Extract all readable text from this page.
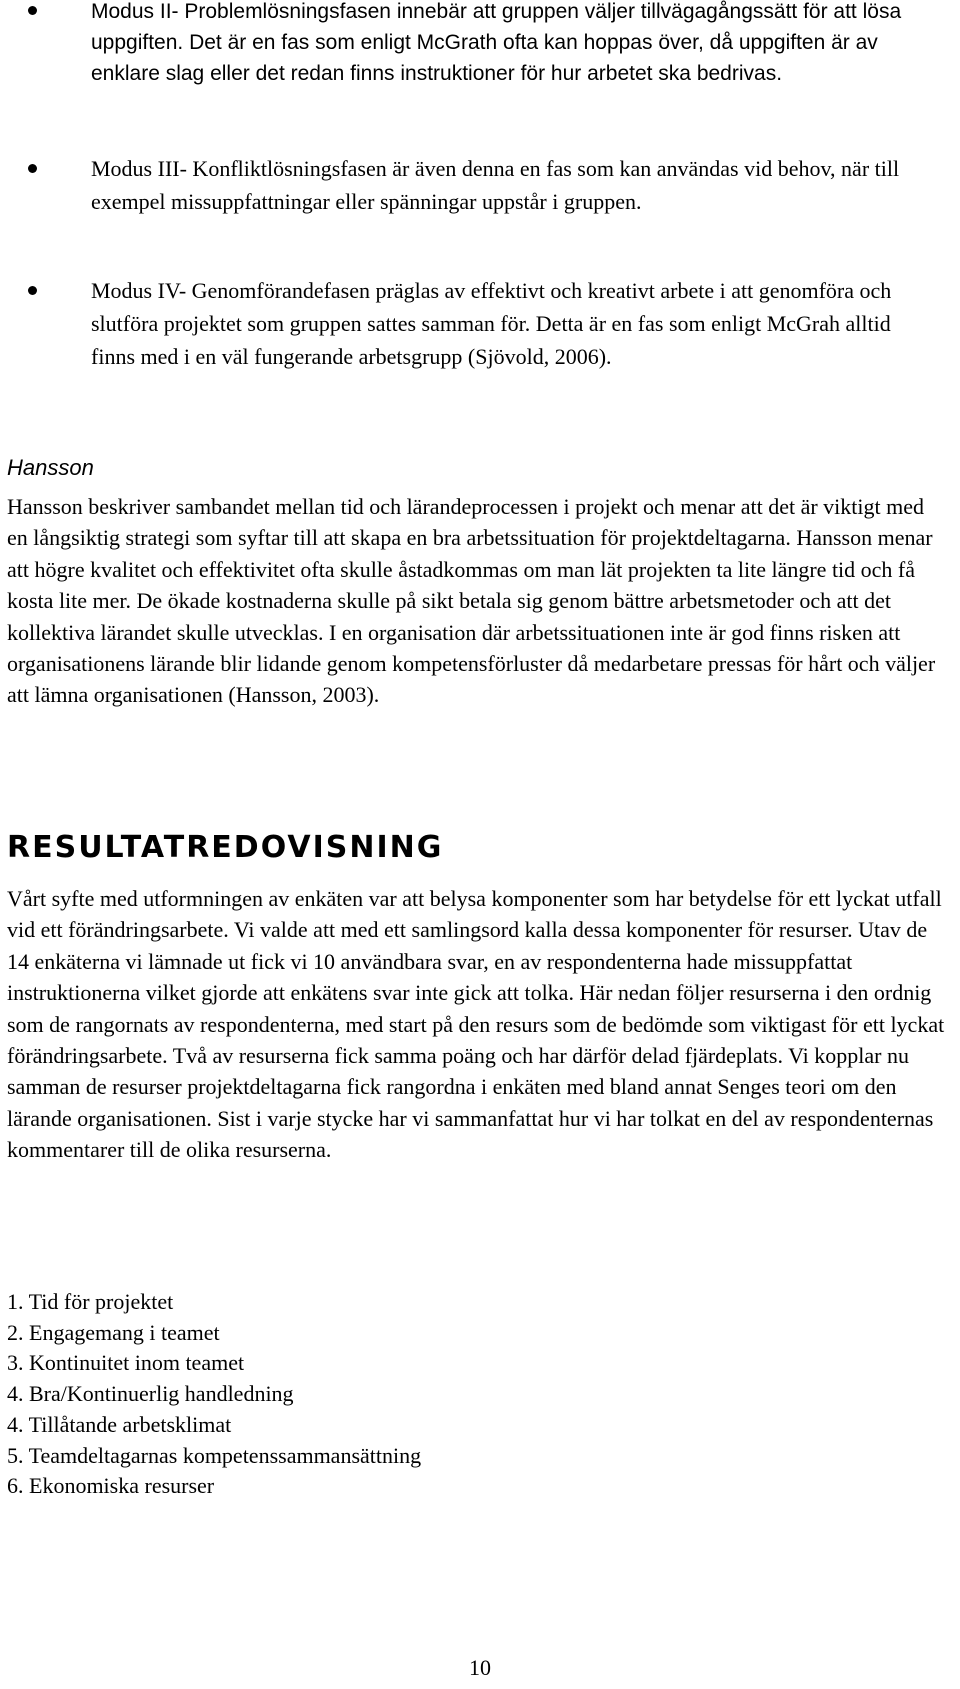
Modus II- Problemlösningsfasen innebär att gruppen väljer tillvägagångssätt för att lösa uppgiften. Det är en fas som enligt McGrath ofta kan hoppas över, då uppgiften är av enklare slag eller det redan finns instruktioner för hur arbetet ska bedrivas.
Modus III- Konfliktlösningsfasen är även denna en fas som kan användas vid behov, när till exempel missuppfattningar eller spänningar uppstår i gruppen.
Modus IV- Genomförandefasen präglas av effektivt och kreativt arbete i att genomföra och slutföra projektet som gruppen sattes samman för. Detta är en fas som enligt McGrah alltid finns med i en väl fungerande arbetsgrupp (Sjövold, 2006).
Hansson

Hansson beskriver sambandet mellan tid och lärandeprocessen i projekt och menar att det är viktigt med en långsiktig strategi som syftar till att skapa en bra arbetssituation för projektdeltagarna. Hansson menar att högre kvalitet och effektivitet ofta skulle åstadkommas om man lät projekten ta lite längre tid och få kosta lite mer. De ökade kostnaderna skulle på sikt betala sig genom bättre arbetsmetoder och att det kollektiva lärandet skulle utvecklas. I en organisation där arbetssituationen inte är god finns risken att organisationens lärande blir lidande genom kompetensförluster då medarbetare pressas för hårt och väljer att lämna organisationen (Hansson, 2003).

RESULTATREDOVISNING

Vårt syfte med utformningen av enkäten var att belysa komponenter som har betydelse för ett lyckat utfall vid ett förändringsarbete. Vi valde att med ett samlingsord kalla dessa komponenter för resurser. Utav de 14 enkäterna vi lämnade ut fick vi 10 användbara svar, en av respondenterna hade missuppfattat instruktionerna vilket gjorde att enkätens svar inte gick att tolka. Här nedan följer resurserna i den ordnig som de rangornats av respondenterna, med start på den resurs som de bedömde som viktigast för ett lyckat förändringsarbete. Två av resurserna fick samma poäng och har därför delad fjärdeplats. Vi kopplar nu samman de resurser projektdeltagarna fick rangordna i enkäten med bland annat Senges teori om den lärande organisationen. Sist i varje stycke har vi sammanfattat hur vi har tolkat en del av respondenternas kommentarer till de olika resurserna.

1. Tid för projektet
2. Engagemang i teamet
3. Kontinuitet inom teamet
4. Bra/Kontinuerlig handledning
4. Tillåtande arbetsklimat
5. Teamdeltagarnas kompetenssammansättning
6. Ekonomiska resurser
10
